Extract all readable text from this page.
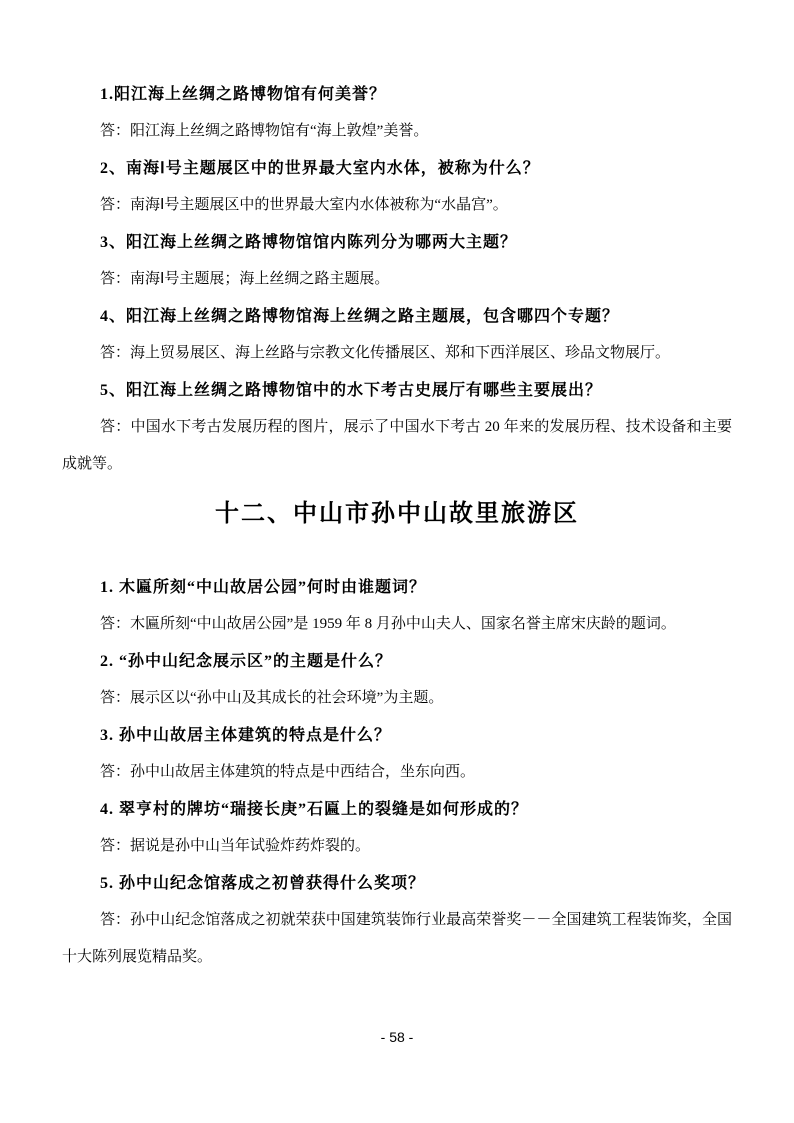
1.阳江海上丝绸之路博物馆有何美誉？

答：阳江海上丝绸之路博物馆有“海上敦煌”美誉。

2、南海Ⅰ号主题展区中的世界最大室内水体，被称为什么？

答：南海Ⅰ号主题展区中的世界最大室内水体被称为“水晶宫”。

3、阳江海上丝绸之路博物馆馆内陈列分为哪两大主题？

答：南海Ⅰ号主题展；海上丝绸之路主题展。

4、阳江海上丝绸之路博物馆海上丝绸之路主题展，包含哪四个专题？

答：海上贸易展区、海上丝路与宗教文化传播展区、郑和下西洋展区、珍品文物展厅。

5、阳江海上丝绸之路博物馆中的水下考古史展厅有哪些主要展出？

答：中国水下考古发展历程的图片，展示了中国水下考古 20 年来的发展历程、技术设备和主要成就等。

十二、中山市孙中山故里旅游区

1. 木匾所刻“中山故居公园”何时由谁题词？

答：木匾所刻“中山故居公园”是 1959 年 8 月孙中山夫人、国家名誉主席宋庆龄的题词。

2. “孙中山纪念展示区”的主题是什么？

答：展示区以“孙中山及其成长的社会环境”为主题。

3. 孙中山故居主体建筑的特点是什么？

答：孙中山故居主体建筑的特点是中西结合，坐东向西。

4. 翠亨村的牌坊“瑞接长庚”石匾上的裂缝是如何形成的？

答：据说是孙中山当年试验炸药炸裂的。

5. 孙中山纪念馆落成之初曾获得什么奖项？

答：孙中山纪念馆落成之初就荣获中国建筑装饰行业最高荣誉奖－－全国建筑工程装饰奖，全国十大陈列展览精品奖。

- 58 -
